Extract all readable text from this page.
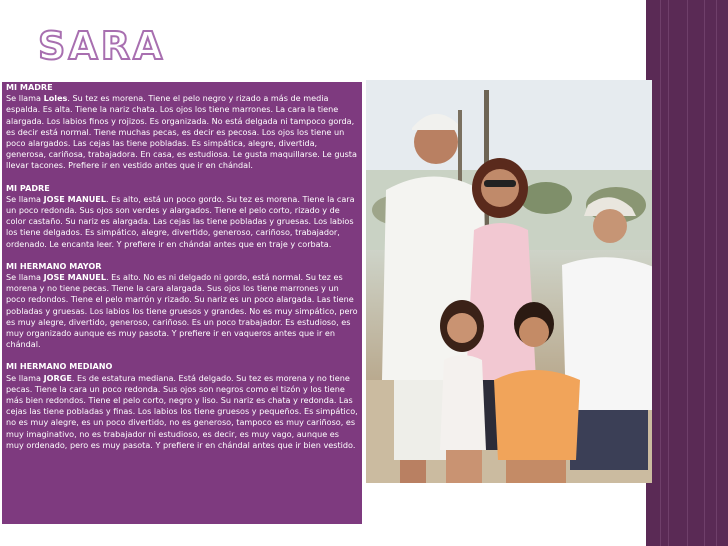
SARA
MI MADRE

Se llama Loles. Su tez es morena. Tiene el pelo negro y rizado a más de media espalda. Es alta. Tiene la nariz chata. Los ojos los tiene marrones. La cara la tiene alargada. Los labios finos y rojizos. Es organizada. No está delgada ni tampoco gorda, es decir está normal. Tiene muchas pecas, es decir es pecosa. Los ojos los tiene un poco alargados. Las cejas las tiene pobladas. Es simpática, alegre, divertida, generosa, cariñosa, trabajadora. En casa, es estudiosa. Le gusta maquillarse. Le gusta llevar tacones. Prefiere ir en vestido antes que ir en chándal.

MI PADRE

Se llama JOSE MANUEL. Es alto, está un poco gordo. Su tez es morena. Tiene la cara un poco redonda. Sus ojos son verdes y alargados. Tiene el pelo corto, rizado y de color castaño. Su nariz es alargada. Las cejas las tiene pobladas y gruesas. Los labios los tiene delgados. Es simpático, alegre, divertido, generoso, cariñoso, trabajador, ordenado. Le encanta leer. Y prefiere ir en chándal antes que en traje y corbata.

MI HERMANO MAYOR

Se llama JOSE MANUEL. Es alto. No es ni delgado ni gordo, está normal. Su tez es morena y no tiene pecas. Tiene la cara alargada. Sus ojos los tiene marrones y un poco redondos. Tiene el pelo marrón y rizado. Su nariz es un poco alargada. Las tiene pobladas y gruesas. Los labios los tiene gruesos y grandes. No es muy simpático, pero es muy alegre, divertido, generoso, cariñoso. Es un poco trabajador. Es estudioso, es muy organizado aunque es muy pasota. Y prefiere ir en vaqueros antes que ir en chándal.

MI HERMANO MEDIANO

Se llama JORGE. Es de estatura mediana. Está delgado. Su tez es morena y no tiene pecas. Tiene la cara un poco redonda. Sus ojos son negros como el tizón y los tiene más bien redondos. Tiene el pelo corto, negro y liso. Su nariz es chata y redonda. Las cejas las tiene pobladas y finas. Los labios los tiene gruesos y pequeños. Es simpático, no es muy alegre, es un poco divertido, no es generoso, tampoco es muy cariñoso, es muy imaginativo, no es trabajador ni estudioso, es decir, es muy vago, aunque es muy ordenado, pero es muy pasota. Y prefiere ir en chándal antes que ir bien vestido.
